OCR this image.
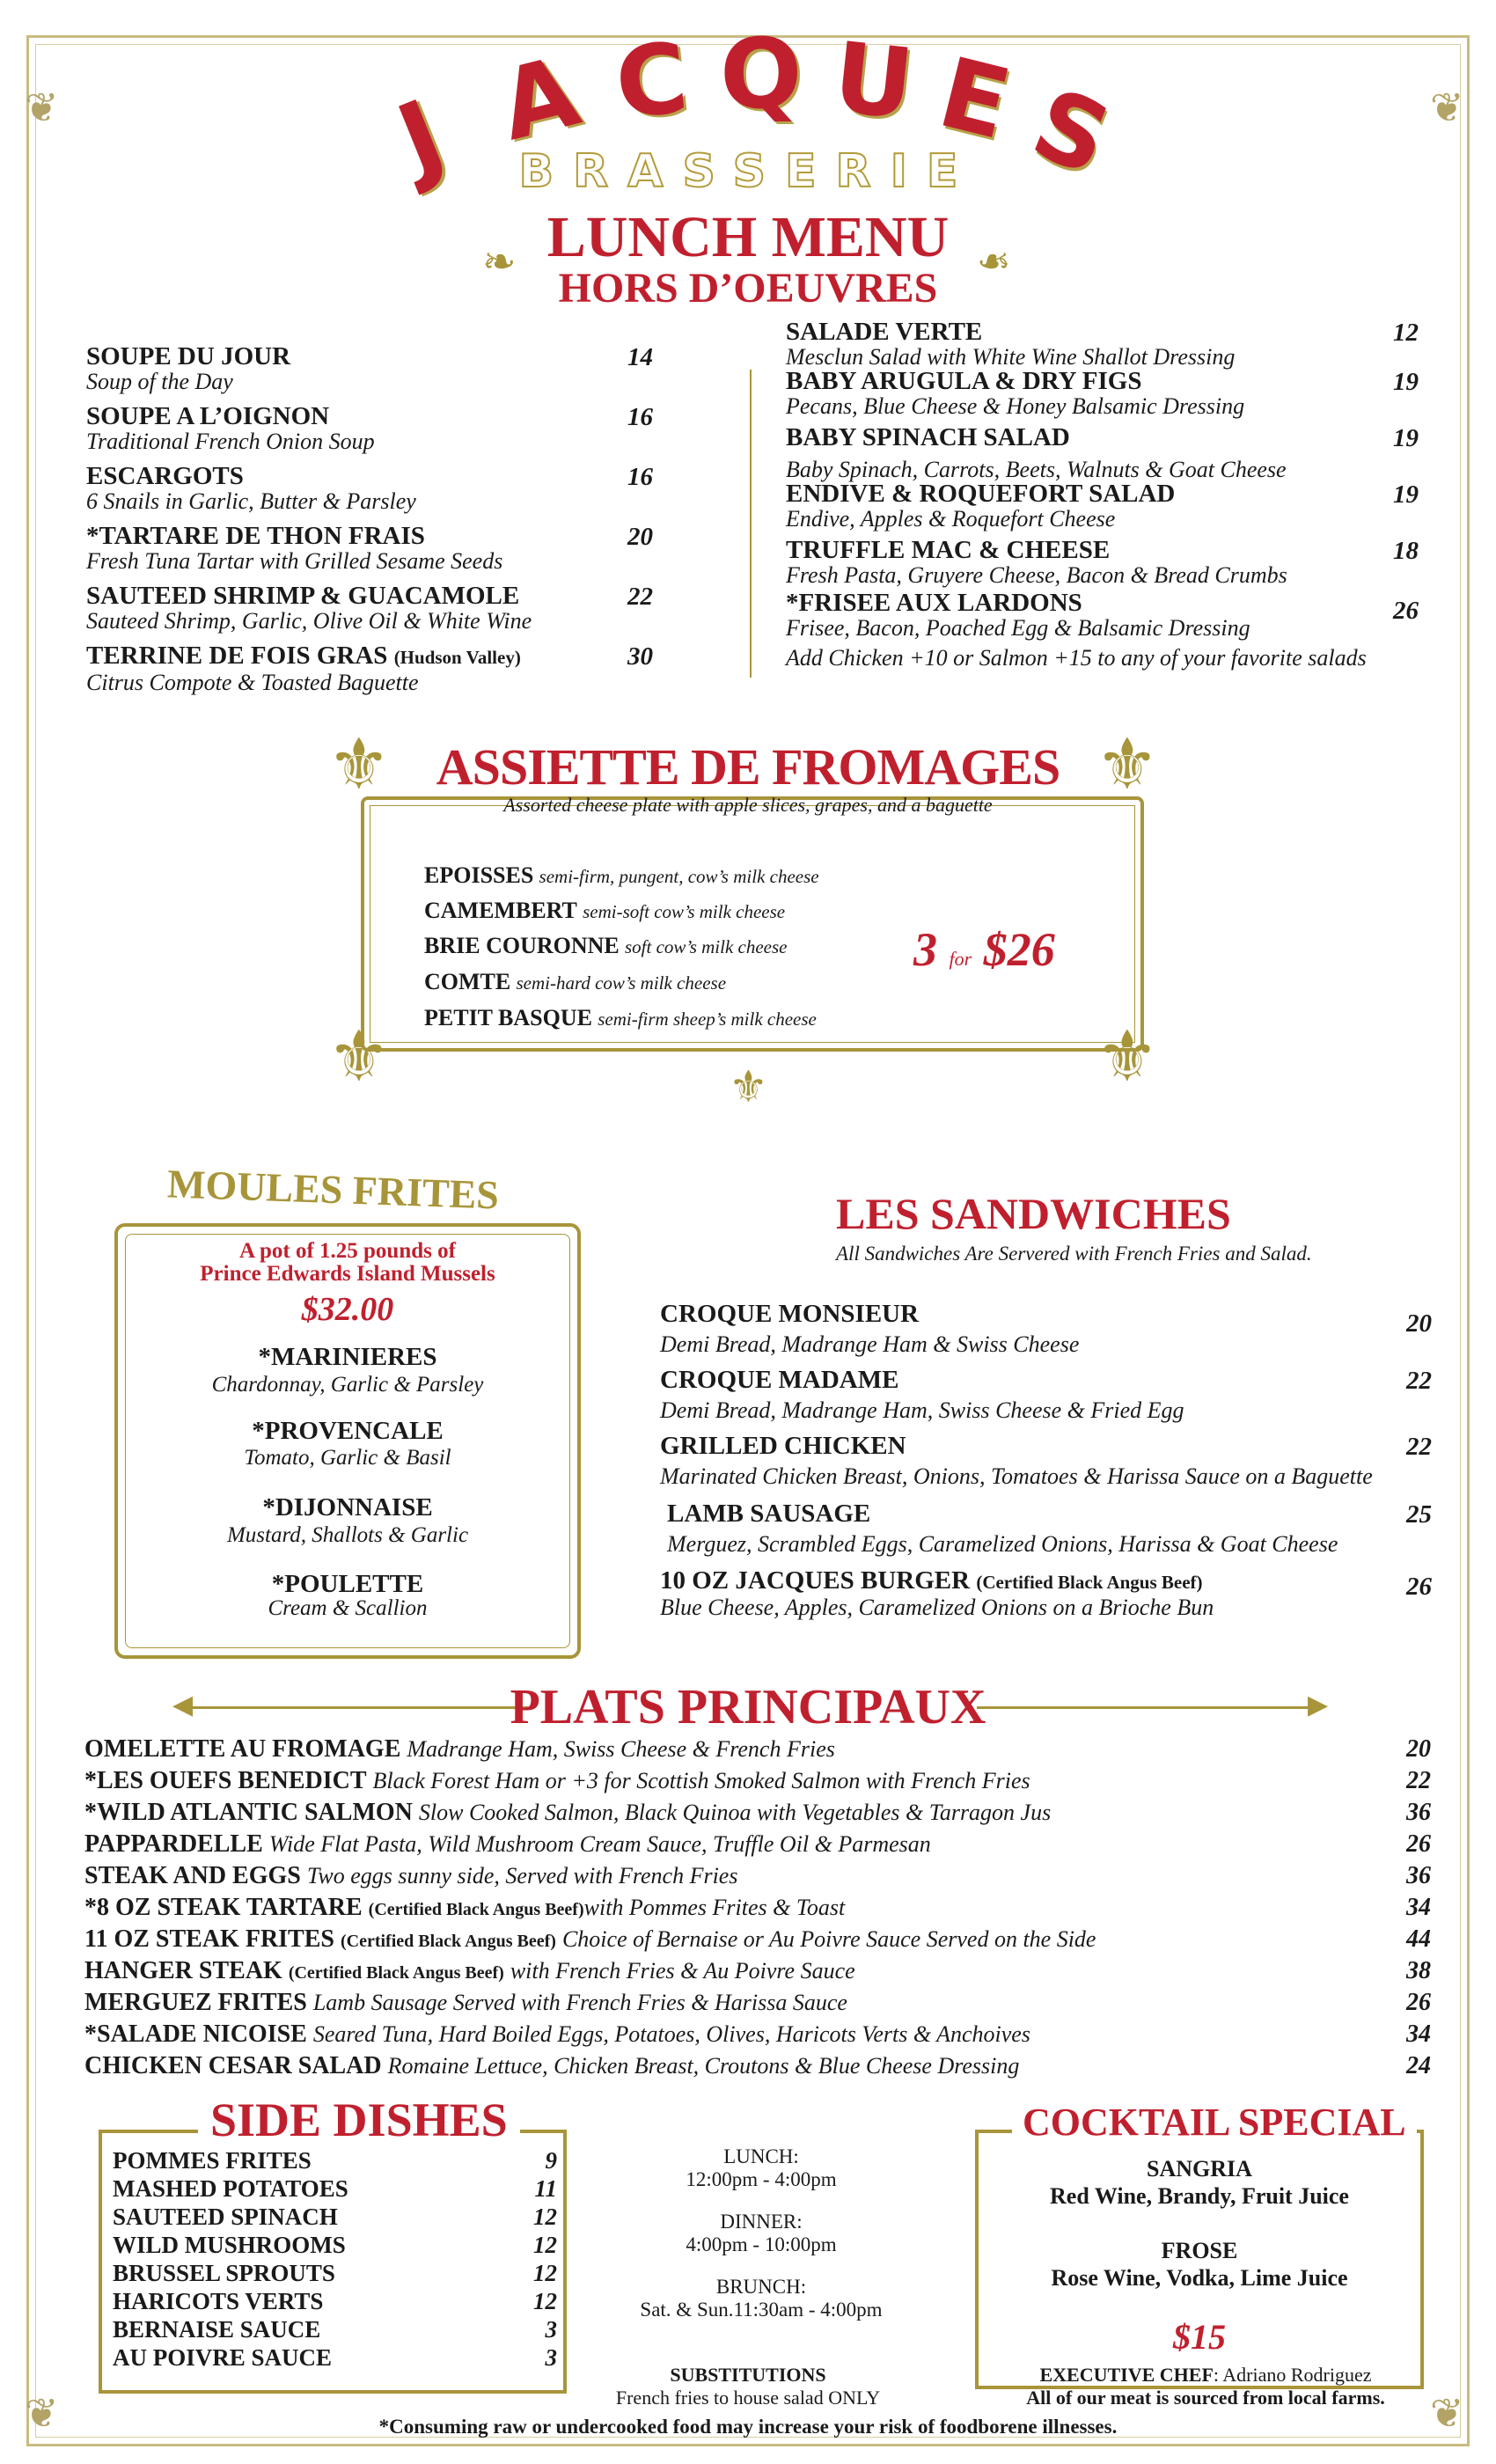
❦	❦
❦	❦
J A C Q U E
S
BRASSERIE
❧	❧
LUNCH MENU
HORS D’OEUVRES
SOUPE DU JOUR
Soup of the Day
14
SOUPE A L’OIGNON
Traditional French Onion Soup
16
ESCARGOTS
6 Snails in Garlic, Butter & Parsley
16
*TARTARE DE THON FRAIS
Fresh Tuna Tartar with Grilled Sesame Seeds
20
SAUTEED SHRIMP & GUACAMOLE
Sauteed Shrimp, Garlic, Olive Oil & White Wine
22
TERRINE DE FOIS GRAS (Hudson Valley)
Citrus Compote & Toasted Baguette
30
SALADE VERTE
Mesclun Salad with White Wine Shallot Dressing
12
BABY ARUGULA & DRY FIGS
Pecans, Blue Cheese & Honey Balsamic Dressing
19
BABY SPINACH SALAD
Baby Spinach, Carrots, Beets, Walnuts & Goat Cheese
19
ENDIVE & ROQUEFORT SALAD
Endive, Apples & Roquefort Cheese
19
TRUFFLE MAC & CHEESE
Fresh Pasta, Gruyere Cheese, Bacon & Bread Crumbs
18
*FRISEE AUX LARDONS
Frisee, Bacon, Poached Egg & Balsamic Dressing
26
Add Chicken +10 or Salmon +15 to any of your favorite salads
⚜	⚜
⚜	⚜
⚜
ASSIETTE DE FROMAGES
Assorted cheese plate with apple slices, grapes, and a baguette
EPOISSES semi-firm, pungent, cow’s milk cheese
CAMEMBERT semi-soft cow’s milk cheese
BRIE COURONNE soft cow’s milk cheese
COMTE semi-hard cow’s milk cheese
PETIT BASQUE semi-firm sheep’s milk cheese
3 for $26
MOULES FRITES
A pot of 1.25 pounds of
Prince Edwards Island Mussels
$32.00
*MARINIERES
Chardonnay, Garlic & Parsley
*PROVENCALE
Tomato, Garlic & Basil
*DIJONNAISE
Mustard, Shallots & Garlic
*POULETTE
Cream & Scallion
LES SANDWICHES
All Sandwiches Are Servered with French Fries and Salad.
CROQUE MONSIEUR
Demi Bread, Madrange Ham & Swiss Cheese
20
CROQUE MADAME
Demi Bread, Madrange Ham, Swiss Cheese & Fried Egg
22
GRILLED CHICKEN
Marinated Chicken Breast, Onions, Tomatoes & Harissa Sauce on a Baguette
22
LAMB SAUSAGE
Merguez, Scrambled Eggs, Caramelized Onions, Harissa & Goat Cheese
25
10 OZ JACQUES BURGER (Certified Black Angus Beef)
Blue Cheese, Apples, Caramelized Onions on a Brioche Bun
26
◀	▶
PLATS PRINCIPAUX
OMELETTE AU FROMAGE Madrange Ham, Swiss Cheese & French Fries	20
*LES OUEFS BENEDICT Black Forest Ham or +3 for Scottish Smoked Salmon with French Fries	22
*WILD ATLANTIC SALMON Slow Cooked Salmon, Black Quinoa with Vegetables & Tarragon Jus	36
PAPPARDELLE Wide Flat Pasta, Wild Mushroom Cream Sauce, Truffle Oil & Parmesan	26
STEAK AND EGGS Two eggs sunny side, Served with French Fries	36
*8 OZ STEAK TARTARE (Certified Black Angus Beef)with Pommes Frites & Toast	34
11 OZ STEAK FRITES (Certified Black Angus Beef) Choice of Bernaise or Au Poivre Sauce Served on the Side	44
HANGER STEAK (Certified Black Angus Beef) with French Fries & Au Poivre Sauce	38
MERGUEZ FRITES Lamb Sausage Served with French Fries & Harissa Sauce	26
*SALADE NICOISE Seared Tuna, Hard Boiled Eggs, Potatoes, Olives, Haricots Verts & Anchoives	34
CHICKEN CESAR SALAD Romaine Lettuce, Chicken Breast, Croutons & Blue Cheese Dressing	24
SIDE DISHES
POMMES FRITES	9
MASHED POTATOES	11
SAUTEED SPINACH	12
WILD MUSHROOMS	12
BRUSSEL SPROUTS	12
HARICOTS VERTS	12
BERNAISE SAUCE	3
AU POIVRE SAUCE	3
LUNCH:
12:00pm - 4:00pm
DINNER:
4:00pm - 10:00pm
BRUNCH:
Sat. & Sun.11:30am - 4:00pm
COCKTAIL SPECIAL
SANGRIA
Red Wine, Brandy, Fruit Juice
FROSE
Rose Wine, Vodka, Lime Juice
$15
SUBSTITUTIONS
French fries to house salad ONLY
EXECUTIVE CHEF: Adriano Rodriguez
All of our meat is sourced from local farms.
*Consuming raw or undercooked food may increase your risk of foodborene illnesses.
